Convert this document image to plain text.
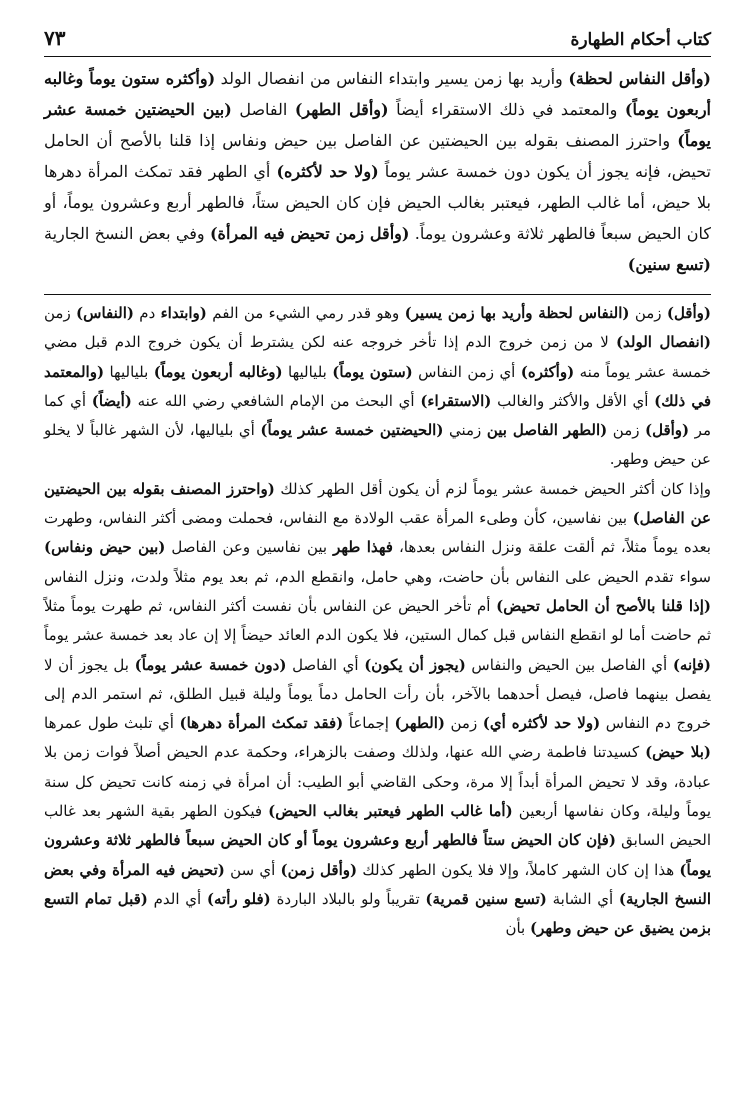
كتاب أحكام الطهارة
٧٣
(وأقل النفاس لحظة) وأريد بها زمن يسير وابتداء النفاس من انفصال الولد (وأكثره ستون يوماً وغالبه أربعون يوماً) والمعتمد في ذلك الاستقراء أيضاً (وأقل الطهر) الفاصل (بين الحيضتين خمسة عشر يوماً) واحترز المصنف بقوله بين الحيضتين عن الفاصل بين حيض ونفاس إذا قلنا بالأصح أن الحامل تحيض، فإنه يجوز أن يكون دون خمسة عشر يوماً (ولا حد لأكثره) أي الطهر فقد تمكث المرأة دهرها بلا حيض، أما غالب الطهر، فيعتبر بغالب الحيض فإن كان الحيض ستاً، فالطهر أربع وعشرون يوماً، أو كان الحيض سبعاً فالطهر ثلاثة وعشرون يوماً. (وأقل زمن تحيض فيه المرأة) وفي بعض النسخ الجارية (تسع سنين)
(وأقل) زمن (النفاس لحظة وأريد بها زمن يسير) وهو قدر رمي الشيء من الفم (وابتداء دم (النفاس) زمن (انفصال الولد) لا من زمن خروج الدم إذا تأخر خروجه عنه لكن يشترط أن يكون خروج الدم قبل مضي خمسة عشر يوماً منه (وأكثره) أي زمن النفاس (ستون يوماً) بلياليها (وغالبه أربعون يوماً) بلياليها (والمعتمد في ذلك) أي الأقل والأكثر والغالب (الاستقراء) أي البحث من الإمام الشافعي رضي الله عنه (أيضاً) أي كما مر (وأقل) زمن (الطهر الفاصل بين زمني (الحيضتين خمسة عشر يوماً) أي بلياليها، لأن الشهر غالباً لا يخلو عن حيض وطهر.
وإذا كان أكثر الحيض خمسة عشر يوماً لزم أن يكون أقل الطهر كذلك (واحترز المصنف بقوله بين الحيضتين عن الفاصل) بين نفاسين، كأن وطىء المرأة عقب الولادة مع النفاس، فحملت ومضى أكثر النفاس، وطهرت بعده يوماً مثلاً، ثم ألقت علقة ونزل النفاس بعدها، فهذا طهر بين نفاسين وعن الفاصل (بين حيض ونفاس) سواء تقدم الحيض على النفاس بأن حاضت، وهي حامل، وانقطع الدم، ثم بعد يوم مثلاً ولدت، ونزل النفاس (إذا قلنا بالأصح أن الحامل تحيض) أم تأخر الحيض عن النفاس بأن نفست أكثر النفاس، ثم طهرت يوماً مثلاً ثم حاضت أما لو انقطع النفاس قبل كمال الستين، فلا يكون الدم العائد حيضاً إلا إن عاد بعد خمسة عشر يوماً (فإنه) أي الفاصل بين الحيض والنفاس (يجوز أن يكون) أي الفاصل (دون خمسة عشر يوماً) بل يجوز أن لا يفصل بينهما فاصل، فيصل أحدهما بالآخر، بأن رأت الحامل دماً يوماً وليلة قبيل الطلق، ثم استمر الدم إلى خروج دم النفاس (ولا حد لأكثره أي) زمن (الطهر) إجماعاً (فقد تمكث المرأة دهرها) أي تلبث طول عمرها (بلا حيض) كسيدتنا فاطمة رضي الله عنها، ولذلك وصفت بالزهراء، وحكمة عدم الحيض أصلاً فوات زمن بلا عبادة، وقد لا تحيض المرأة أبداً إلا مرة، وحكى القاضي أبو الطيب: أن امرأة في زمنه كانت تحيض كل سنة يوماً وليلة، وكان نفاسها أربعين (أما غالب الطهر فيعتبر بغالب الحيض) فيكون الطهر بقية الشهر بعد غالب الحيض السابق (فإن كان الحيض ستاً فالطهر أربع وعشرون يوماً أو كان الحيض سبعاً فالطهر ثلاثة وعشرون يوماً) هذا إن كان الشهر كاملاً، وإلا فلا يكون الطهر كذلك (وأقل زمن) أي سن (تحيض فيه المرأة وفي بعض النسخ الجارية) أي الشابة (تسع سنين قمرية) تقريباً ولو بالبلاد الباردة (فلو رأته) أي الدم (قبل تمام التسع بزمن يضيق عن حيض وطهر) بأن
